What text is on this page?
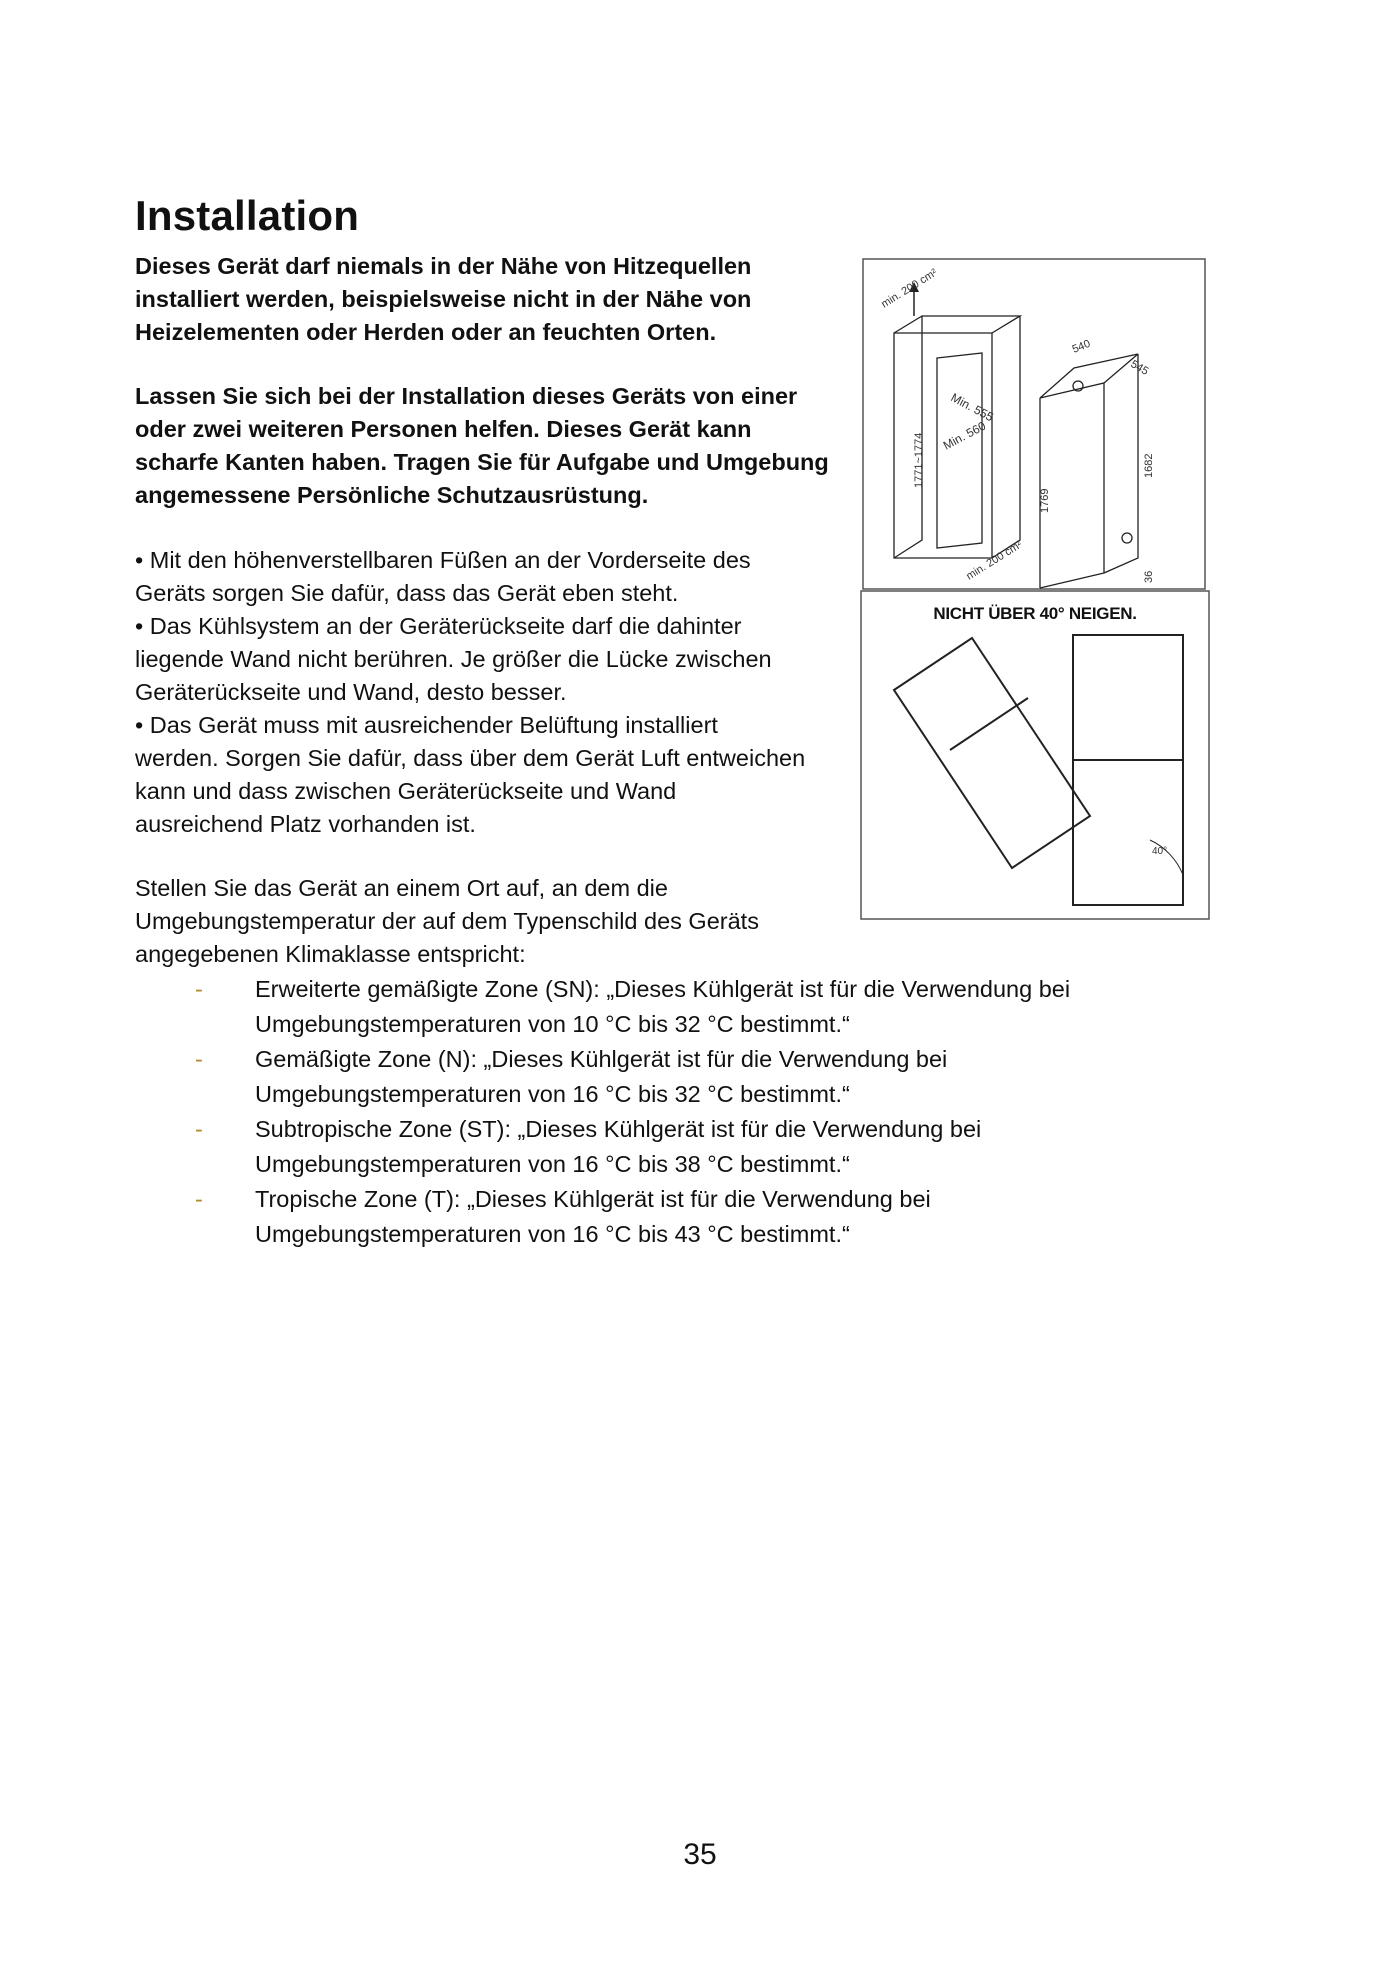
Installation
Dieses Gerät darf niemals in der Nähe von Hitzequellen
installiert werden, beispielsweise nicht in der Nähe von
Heizelementen oder Herden oder an feuchten Orten.
Lassen Sie sich bei der Installation dieses Geräts von einer
oder zwei weiteren Personen helfen. Dieses Gerät kann
scharfe Kanten haben. Tragen Sie für Aufgabe und Umgebung
angemessene Persönliche Schutzausrüstung.
• Mit den höhenverstellbaren Füßen an der Vorderseite des
Geräts sorgen Sie dafür, dass das Gerät eben steht.
• Das Kühlsystem an der Geräterückseite darf die dahinter
liegende Wand nicht berühren. Je größer die Lücke zwischen
Geräterückseite und Wand, desto besser.
• Das Gerät muss mit ausreichender Belüftung installiert
werden. Sorgen Sie dafür, dass über dem Gerät Luft entweichen
kann und dass zwischen Geräterückseite und Wand
ausreichend Platz vorhanden ist.
Stellen Sie das Gerät an einem Ort auf, an dem die
Umgebungstemperatur der auf dem Typenschild des Geräts
angegebenen Klimaklasse entspricht:
- Erweiterte gemäßigte Zone (SN): „Dieses Kühlgerät ist für die Verwendung bei
Umgebungstemperaturen von 10 °C bis 32 °C bestimmt.“
- Gemäßigte Zone (N): „Dieses Kühlgerät ist für die Verwendung bei
Umgebungstemperaturen von 16 °C bis 32 °C bestimmt.“
- Subtropische Zone (ST): „Dieses Kühlgerät ist für die Verwendung bei
Umgebungstemperaturen von 16 °C bis 38 °C bestimmt.“
- Tropische Zone (T): „Dieses Kühlgerät ist für die Verwendung bei
Umgebungstemperaturen von 16 °C bis 43 °C bestimmt.“
min. 200 cm²
min. 200 cm²
1771~1774
Min. 555
Min. 560
540
545
1769
1682
36
40°
NICHT ÜBER 40° NEIGEN.
35
